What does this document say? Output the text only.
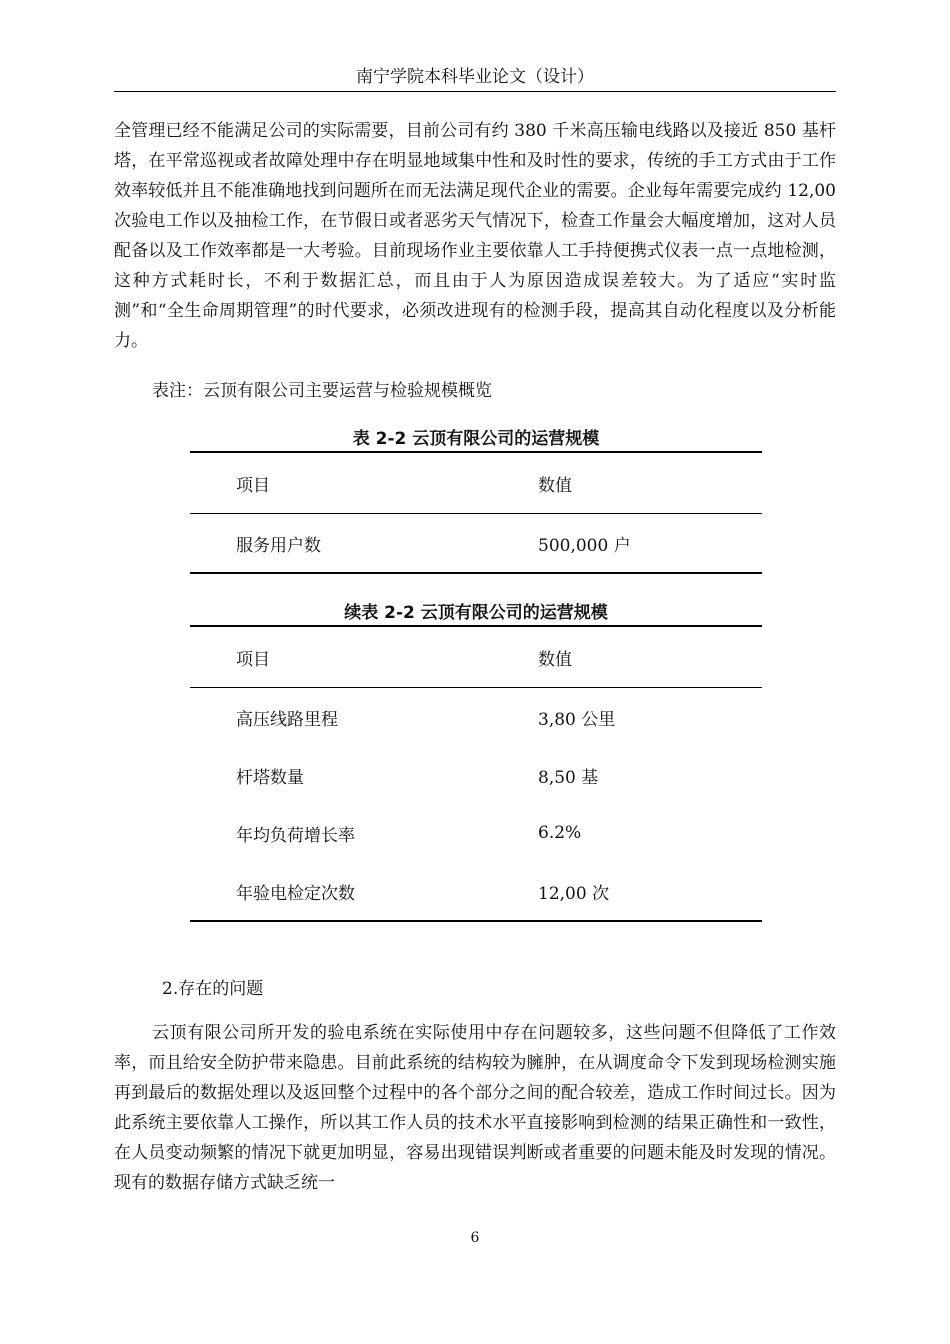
南宁学院本科毕业论文（设计）
全管理已经不能满足公司的实际需要，目前公司有约 380 千米高压输电线路以及接近 850 基杆塔，在平常巡视或者故障处理中存在明显地域集中性和及时性的要求，传统的手工方式由于工作效率较低并且不能准确地找到问题所在而无法满足现代企业的需要。企业每年需要完成约 12,00 次验电工作以及抽检工作，在节假日或者恶劣天气情况下，检查工作量会大幅度增加，这对人员配备以及工作效率都是一大考验。目前现场作业主要依靠人工手持便携式仪表一点一点地检测，这种方式耗时长，不利于数据汇总，而且由于人为原因造成误差较大。为了适应“实时监测”和“全生命周期管理”的时代要求，必须改进现有的检测手段，提高其自动化程度以及分析能力。
表注：云顶有限公司主要运营与检验规模概览
表 2-2 云顶有限公司的运营规模
项目	数值
服务用户数	500,000 户
续表 2-2 云顶有限公司的运营规模
项目	数值
高压线路里程	3,80 公里
杆塔数量	8,50 基
年均负荷增长率	6.2%
年验电检定次数	12,00 次
2.存在的问题
云顶有限公司所开发的验电系统在实际使用中存在问题较多，这些问题不但降低了工作效率，而且给安全防护带来隐患。目前此系统的结构较为臃肿，在从调度命令下发到现场检测实施再到最后的数据处理以及返回整个过程中的各个部分之间的配合较差，造成工作时间过长。因为此系统主要依靠人工操作，所以其工作人员的技术水平直接影响到检测的结果正确性和一致性，在人员变动频繁的情况下就更加明显，容易出现错误判断或者重要的问题未能及时发现的情况。现有的数据存储方式缺乏统一
6
